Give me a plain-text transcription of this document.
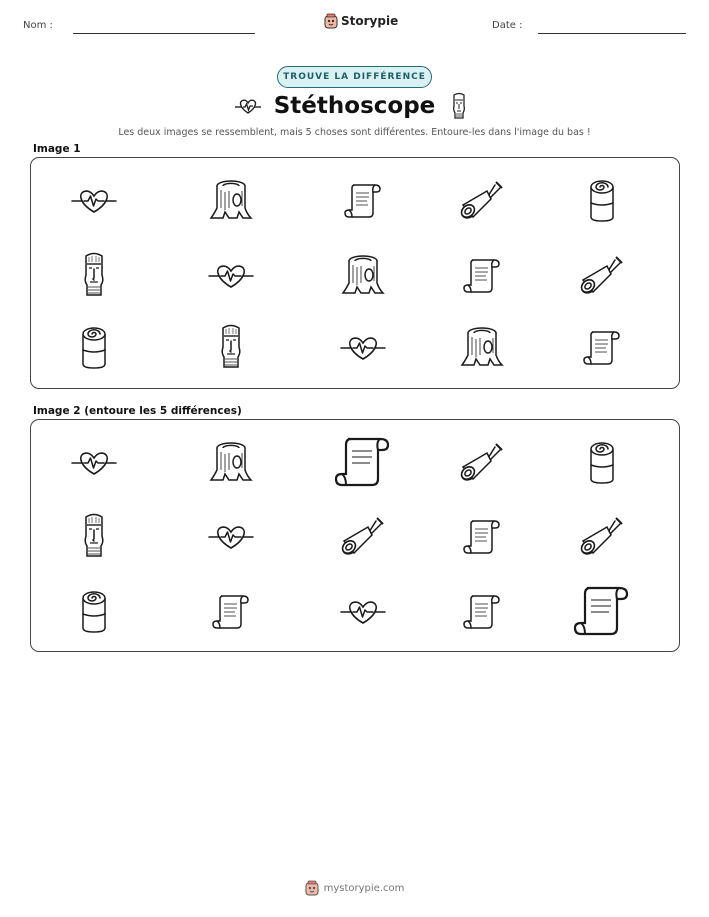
Nom :	Storypie	Date :
TROUVE LA DIFFÉRENCE
Stéthoscope
Les deux images se ressemblent, mais 5 choses sont différentes. Entoure-les dans l'image du bas !
Image 1
Image 2 (entoure les 5 différences)
mystorypie.com
